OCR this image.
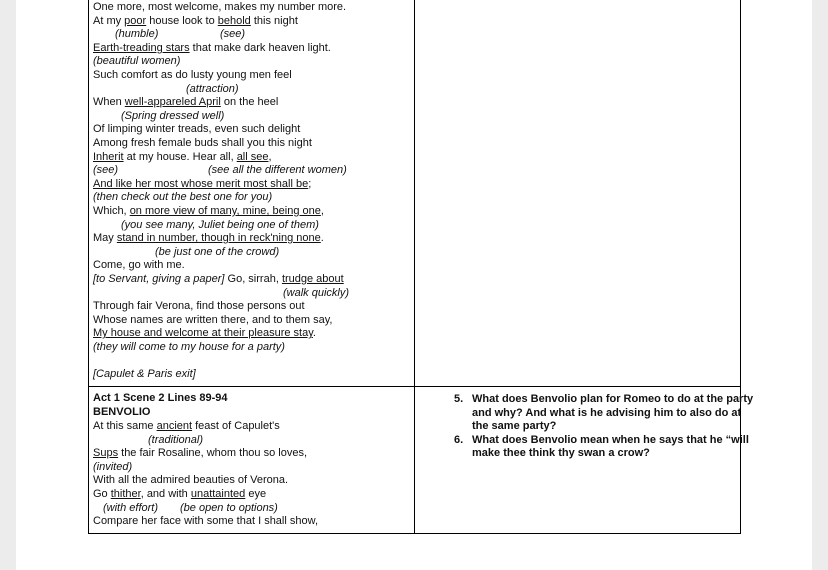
One more, most welcome, makes my number more.
At my poor house look to behold this night
(humble)	(see)
Earth-treading stars that make dark heaven light.
(beautiful women)
Such comfort as do lusty young men feel
(attraction)
When well-appareled April on the heel
(Spring dressed well)
Of limping winter treads, even such delight
Among fresh female buds shall you this night
Inherit at my house. Hear all, all see,
(see)	(see all the different women)
And like her most whose merit most shall be;
(then check out the best one for you)
Which, on more view of many, mine, being one,
(you see many, Juliet being one of them)
May stand in number, though in reck'ning none.
(be just one of the crowd)
Come, go with me.
[to Servant, giving a paper] Go, sirrah, trudge about
(walk quickly)
Through fair Verona, find those persons out
Whose names are written there, and to them say,
My house and welcome at their pleasure stay.
(they will come to my house for a party)
[Capulet & Paris exit]
Act 1 Scene 2 Lines 89-94
BENVOLIO
At this same ancient feast of Capulet's
(traditional)
Sups the fair Rosaline, whom thou so loves,
(invited)
With all the admired beauties of Verona.
Go thither, and with unattainted eye
(with effort) (be open to options)
Compare her face with some that I shall show,
5. What does Benvolio plan for Romeo to do at the party and why? And what is he advising him to also do at the same party?
6. What does Benvolio mean when he says that he “will make thee think thy swan a crow?
